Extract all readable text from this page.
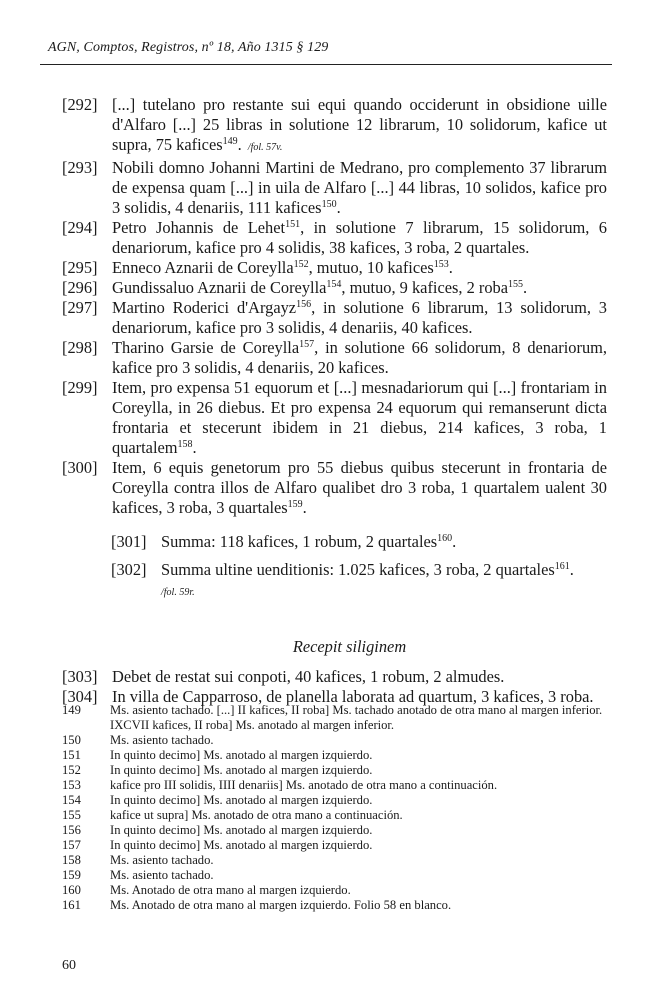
AGN, Comptos, Registros, nº 18, Año 1315 § 129
[292] [...] tutelano pro restante sui equi quando occiderunt in obsidione uille d'Alfaro [...] 25 libras in solutione 12 librarum, 10 solidorum, kafice ut supra, 75 kafices$^{149}$. /fol. 57v.
[293] Nobili domno Johanni Martini de Medrano, pro complemento 37 librarum de expensa quam [...] in uila de Alfaro [...] 44 libras, 10 solidos, kafice pro 3 solidis, 4 denariis, 111 kafices$^{150}$.
[294] Petro Johannis de Lehet$^{151}$, in solutione 7 librarum, 15 solidorum, 6 denariorum, kafice pro 4 solidis, 38 kafices, 3 roba, 2 quartales.
[295] Enneco Aznarii de Coreylla$^{152}$, mutuo, 10 kafices$^{153}$.
[296] Gundissaluo Aznarii de Coreylla$^{154}$, mutuo, 9 kafices, 2 roba$^{155}$.
[297] Martino Roderici d'Argayz$^{156}$, in solutione 6 librarum, 13 solidorum, 3 denariorum, kafice pro 3 solidis, 4 denariis, 40 kafices.
[298] Tharino Garsie de Coreylla$^{157}$, in solutione 66 solidorum, 8 denariorum, kafice pro 3 solidis, 4 denariis, 20 kafices.
[299] Item, pro expensa 51 equorum et [...] mesnadariorum qui [...] frontariam in Coreylla, in 26 diebus. Et pro expensa 24 equorum qui remanserunt dicta frontaria et stecerunt ibidem in 21 diebus, 214 kafices, 3 roba, 1 quartalem$^{158}$.
[300] Item, 6 equis genetorum pro 55 diebus quibus stecerunt in frontaria de Coreylla contra illos de Alfaro qualibet dro 3 roba, 1 quartalem ualent 30 kafices, 3 roba, 3 quartales$^{159}$.
[301] Summa: 118 kafices, 1 robum, 2 quartales$^{160}$.
[302] Summa ultine uenditionis: 1.025 kafices, 3 roba, 2 quartales$^{161}$.
/fol. 59r.
Recepit siliginem
[303] Debet de restat sui conpoti, 40 kafices, 1 robum, 2 almudes.
[304] In villa de Capparroso, de planella laborata ad quartum, 3 kafices, 3 roba.
149	Ms. asiento tachado. [...] II kafices, II roba] Ms. tachado anotado de otra mano al margen inferior. IXCVII kafices, II roba] Ms. anotado al margen inferior.
150	Ms. asiento tachado.
151	In quinto decimo] Ms. anotado al margen izquierdo.
152	In quinto decimo] Ms. anotado al margen izquierdo.
153	kafice pro III solidis, IIII denariis] Ms. anotado de otra mano a continuación.
154	In quinto decimo] Ms. anotado al margen izquierdo.
155	kafice ut supra] Ms. anotado de otra mano a continuación.
156	In quinto decimo] Ms. anotado al margen izquierdo.
157	In quinto decimo] Ms. anotado al margen izquierdo.
158	Ms. asiento tachado.
159	Ms. asiento tachado.
160	Ms. Anotado de otra mano al margen izquierdo.
161	Ms. Anotado de otra mano al margen izquierdo. Folio 58 en blanco.
60
